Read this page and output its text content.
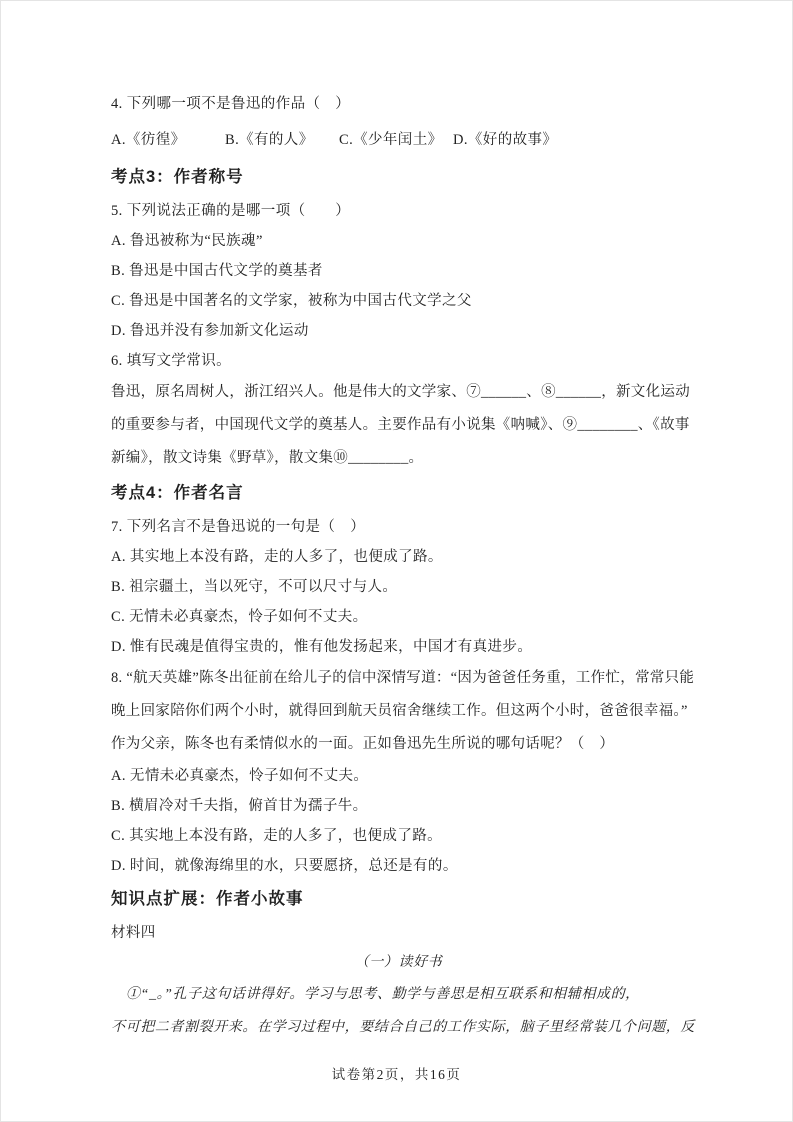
4. 下列哪一项不是鲁迅的作品（　）
A.《彷徨》	B.《有的人》	C.《少年闰土》 D.《好的故事》
考点3：作者称号
5. 下列说法正确的是哪一项（　　）
A. 鲁迅被称为“民族魂”
B. 鲁迅是中国古代文学的奠基者
C. 鲁迅是中国著名的文学家，被称为中国古代文学之父
D. 鲁迅并没有参加新文化运动
6. 填写文学常识。
鲁迅，原名周树人，浙江绍兴人。他是伟大的文学家、⑦______、⑧______，新文化运动
的重要参与者，中国现代文学的奠基人。主要作品有小说集《呐喊》、⑨________、《故事
新编》，散文诗集《野草》，散文集⑩________。
考点4：作者名言
7. 下列名言不是鲁迅说的一句是（　）
A. 其实地上本没有路，走的人多了，也便成了路。
B. 祖宗疆土，当以死守，不可以尺寸与人。
C. 无情未必真豪杰，怜子如何不丈夫。
D. 惟有民魂是值得宝贵的，惟有他发扬起来，中国才有真进步。
8. “航天英雄”陈冬出征前在给儿子的信中深情写道：“因为爸爸任务重，工作忙，常常只能
晚上回家陪你们两个小时，就得回到航天员宿舍继续工作。但这两个小时，爸爸很幸福。”
作为父亲，陈冬也有柔情似水的一面。正如鲁迅先生所说的哪句话呢？（　）
A. 无情未必真豪杰，怜子如何不丈夫。
B. 横眉冷对千夫指，俯首甘为孺子牛。
C. 其实地上本没有路，走的人多了，也便成了路。
D. 时间，就像海绵里的水，只要愿挤，总还是有的。
知识点扩展：作者小故事
材料四
（一）读好书
①“_。”孔子这句话讲得好。学习与思考、勤学与善思是相互联系和相辅相成的，
不可把二者割裂开来。在学习过程中，要结合自己的工作实际，脑子里经常装几个问题，反
试卷第2页，共16页
